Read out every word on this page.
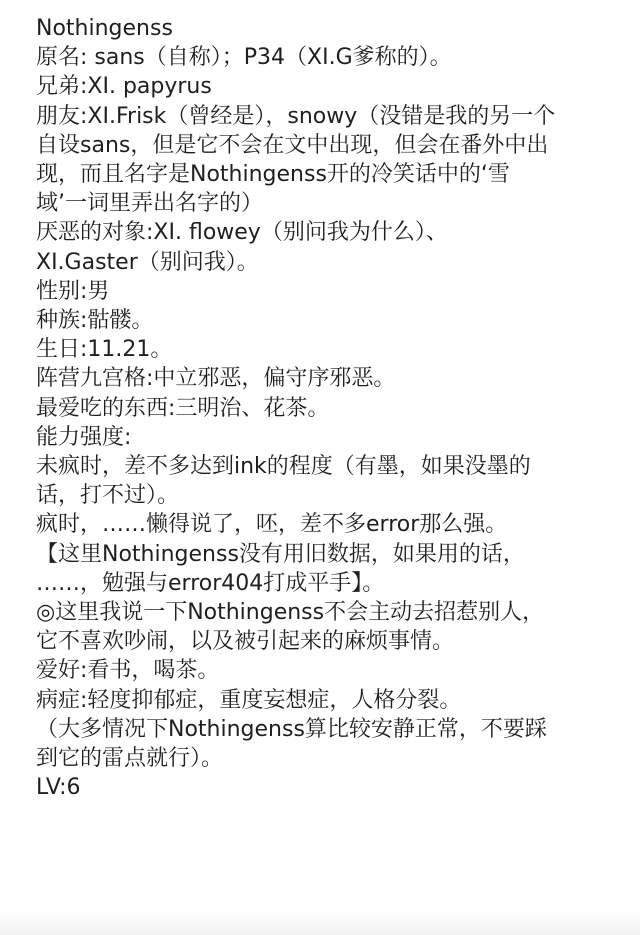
Nothingenss
原名: sans（自称）；P34（XI.G爹称的）。
兄弟:XI. papyrus
朋友:XI.Frisk（曾经是），snowy（没错是我的另一个
自设sans，但是它不会在文中出现，但会在番外中出
现，而且名字是Nothingenss开的冷笑话中的‘雪
域’一词里弄出名字的）
厌恶的对象:XI. flowey（别问我为什么）、
XI.Gaster（别问我）。
性别:男
种族:骷髅。
生日:11.21。
阵营九宫格:中立邪恶，偏守序邪恶。
最爱吃的东西:三明治、花茶。
能力强度:
未疯时，差不多达到ink的程度（有墨，如果没墨的
话，打不过）。
疯时，……懒得说了，呸，差不多error那么强。
【这里Nothingenss没有用旧数据，如果用的话，
……，勉强与error404打成平手】。
◎这里我说一下Nothingenss不会主动去招惹别人，
它不喜欢吵闹，以及被引起来的麻烦事情。
爱好:看书，喝茶。
病症:轻度抑郁症，重度妄想症，人格分裂。
（大多情况下Nothingenss算比较安静正常，不要踩
到它的雷点就行）。
LV:6
